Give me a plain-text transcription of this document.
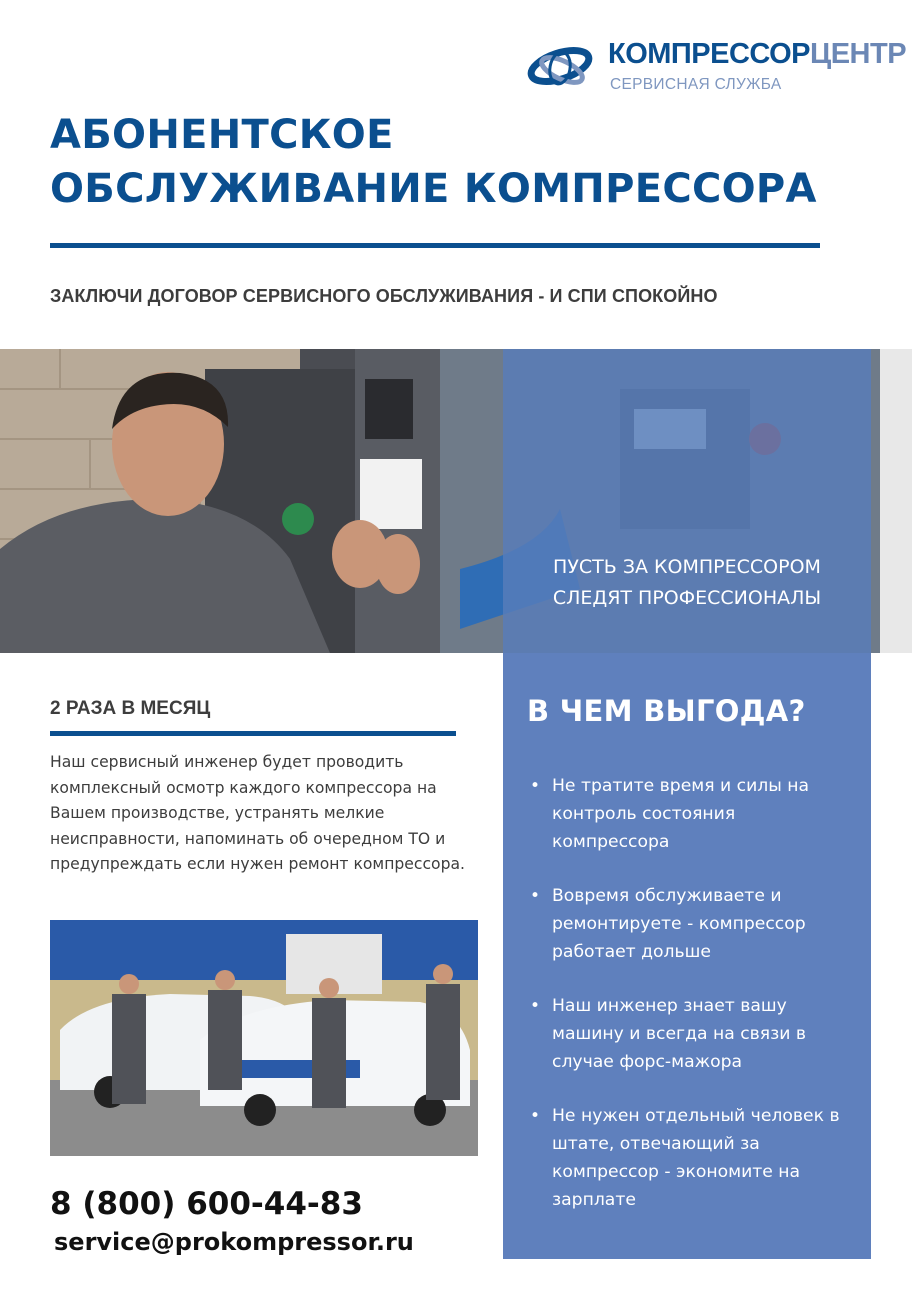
КОМПРЕССОРЦЕНТР
СЕРВИСНАЯ СЛУЖБА
АБОНЕНТСКОЕ
ОБСЛУЖИВАНИЕ КОМПРЕССОРА
ЗАКЛЮЧИ ДОГОВОР СЕРВИСНОГО ОБСЛУЖИВАНИЯ - И СПИ СПОКОЙНО
ПУСТЬ ЗА КОМПРЕССОРОМ
СЛЕДЯТ ПРОФЕССИОНАЛЫ
В ЧЕМ ВЫГОДА?
• Не тратите время и силы на контроль состояния компрессора
• Вовремя обслуживаете и ремонтируете - компрессор работает дольше
• Наш инженер знает вашу машину и всегда на связи в случае форс-мажора
• Не нужен отдельный человек в штате, отвечающий за компрессор - экономите на зарплате
2 РАЗА В МЕСЯЦ
Наш сервисный инженер будет проводить комплексный осмотр каждого компрессора на Вашем производстве, устранять мелкие неисправности, напоминать об очередном ТО и предупреждать если нужен ремонт компрессора.
8 (800) 600-44-83
service@prokompressor.ru
